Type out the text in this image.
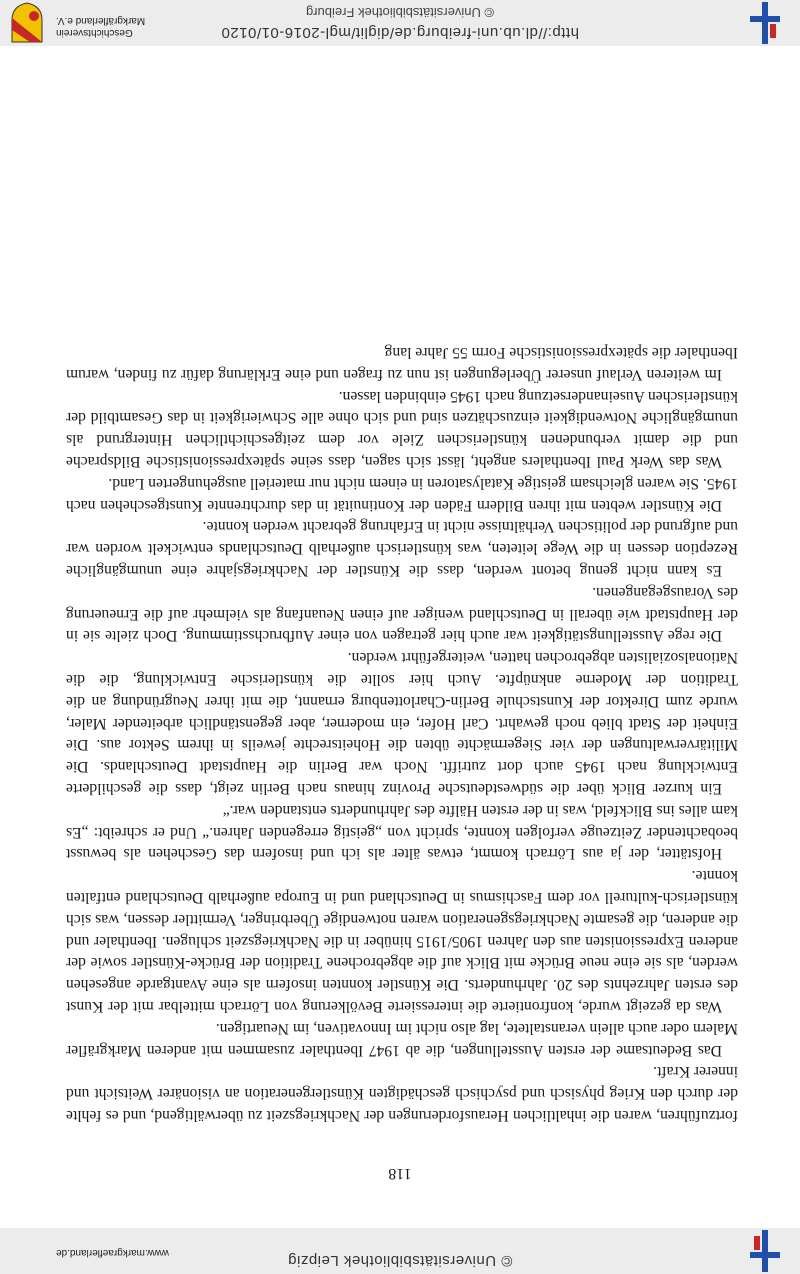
© Universitätsbibliothek Leipzig
www.markgraeflerland.de
118

fortzuführen, waren die inhaltlichen Herausforderungen der Nachkriegszeit zu überwältigend, und es fehlte der durch den Krieg physisch und psychisch geschädigten Künstlergeneration an visionärer Weitsicht und innerer Kraft.

Das Bedeutsame der ersten Ausstellungen, die ab 1947 Ibenthaler zusammen mit anderen Markgräfler Malern oder auch allein veranstaltete, lag also nicht im Innovativen, im Neuartigen.

Was da gezeigt wurde, konfrontierte die interessierte Bevölkerung von Lörrach mittelbar mit der Kunst des ersten Jahrzehnts des 20. Jahrhunderts. Die Künstler konnten insofern als eine Avantgarde angesehen werden, als sie eine neue Brücke mit Blick auf die abgebrochene Tradition der Brücke-Künstler sowie der anderen Expressionisten aus den Jahren 1905/1915 hinüber in die Nachkriegszeit schlugen. Ibenthaler und die anderen, die gesamte Nachkriegsgeneration waren notwendige Überbringer, Vermittler dessen, was sich künstlerisch-kulturell vor dem Faschismus in Deutschland und in Europa außerhalb Deutschland entfalten konnte.

Hofstätter, der ja aus Lörrach kommt, etwas älter als ich und insofern das Geschehen als bewusst beobachtender Zeitzeuge verfolgen konnte, spricht von „geistig erregenden Jahren.“ Und er schreibt: „Es kam alles ins Blickfeld, was in der ersten Hälfte des Jahrhunderts entstanden war.“

Ein kurzer Blick über die südwestdeutsche Provinz hinaus nach Berlin zeigt, dass die geschilderte Entwicklung nach 1945 auch dort zutrifft. Noch war Berlin die Hauptstadt Deutschlands. Die Militärverwaltungen der vier Siegermächte übten die Hoheitsrechte jeweils in ihrem Sektor aus. Die Einheit der Stadt blieb noch gewahrt. Carl Hofer, ein moderner, aber gegenständlich arbeitender Maler, wurde zum Direktor der Kunstschule Berlin-Charlottenburg ernannt, die mit ihrer Neugründung an die Tradition der Moderne anknüpfte. Auch hier sollte die künstlerische Entwicklung, die die Nationalsozialisten abgebrochen hatten, weitergeführt werden.

Die rege Ausstellungstätigkeit war auch hier getragen von einer Aufbruchsstimmung. Doch zielte sie in der Hauptstadt wie überall in Deutschland weniger auf einen Neuanfang als vielmehr auf die Erneuerung des Vorausgegangenen.

Es kann nicht genug betont werden, dass die Künstler der Nachkriegsjahre eine unumgängliche Rezeption dessen in die Wege leiteten, was künstlerisch außerhalb Deutschlands entwickelt worden war und aufgrund der politischen Verhältnisse nicht in Erfahrung gebracht werden konnte.

Die Künstler webten mit ihren Bildern Fäden der Kontinuität in das durchtrennte Kunstgeschehen nach 1945. Sie waren gleichsam geistige Katalysatoren in einem nicht nur materiell ausgehungerten Land.

Was das Werk Paul Ibenthalers angeht, lässt sich sagen, dass seine spätexpressionistische Bildsprache und die damit verbundenen künstlerischen Ziele vor dem zeitgeschichtlichen Hintergrund als unumgängliche Notwendigkeit einzuschätzen sind und sich ohne alle Schwierigkeit in das Gesamtbild der künstlerischen Auseinandersetzung nach 1945 einbinden lassen.

Im weiteren Verlauf unserer Überlegungen ist nun zu fragen und eine Erklärung dafür zu finden, warum Ibenthaler die spätexpressionistische Form 55 Jahre lang

http://dl.ub.uni-freiburg.de/diglit/mgl-2016-01/0120
© Universitätsbibliothek Freiburg
Geschichtsverein
Markgräflerland e.V.
